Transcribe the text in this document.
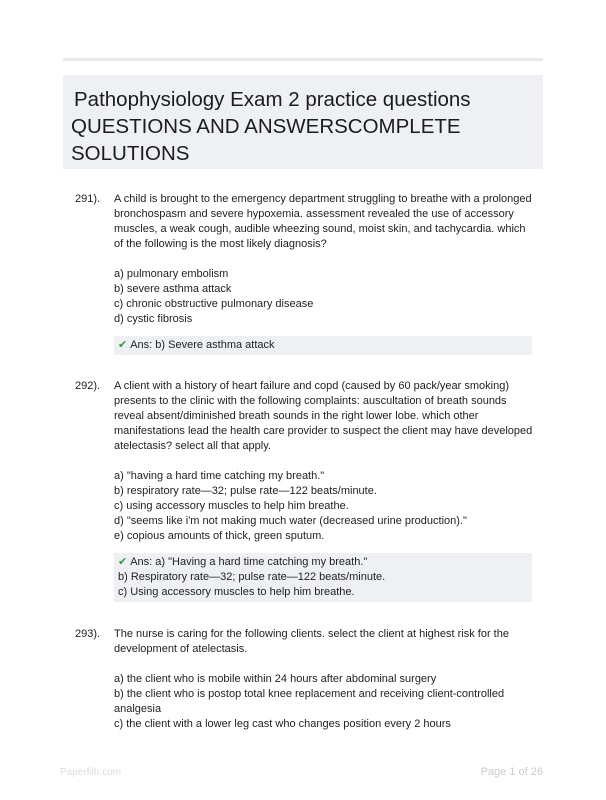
Pathophysiology Exam 2 practice questions

QUESTIONS AND ANSWERSCOMPLETE

SOLUTIONS

291).	A child is brought to the emergency department struggling to breathe with a prolonged bronchospasm and severe hypoxemia. assessment revealed the use of accessory muscles, a weak cough, audible wheezing sound, moist skin, and tachycardia. which of the following is the most likely diagnosis?

a) pulmonary embolism

b) severe asthma attack

c) chronic obstructive pulmonary disease

d) cystic fibrosis

✔ Ans: b) Severe asthma attack

292).	A client with a history of heart failure and copd (caused by 60 pack/year smoking) presents to the clinic with the following complaints: auscultation of breath sounds reveal absent/diminished breath sounds in the right lower lobe. which other manifestations lead the health care provider to suspect the client may have developed atelectasis? select all that apply.

a) "having a hard time catching my breath."

b) respiratory rate—32; pulse rate—122 beats/minute.

c) using accessory muscles to help him breathe.

d) "seems like i'm not making much water (decreased urine production)."

e) copious amounts of thick, green sputum.

✔ Ans: a) "Having a hard time catching my breath."

b) Respiratory rate—32; pulse rate—122 beats/minute.

c) Using accessory muscles to help him breathe.

293).	The nurse is caring for the following clients. select the client at highest risk for the development of atelectasis.

a) the client who is mobile within 24 hours after abdominal surgery

b) the client who is postop total knee replacement and receiving client-controlled analgesia

c) the client with a lower leg cast who changes position every 2 hours

Paperfiltr.com	Page 1 of 26
